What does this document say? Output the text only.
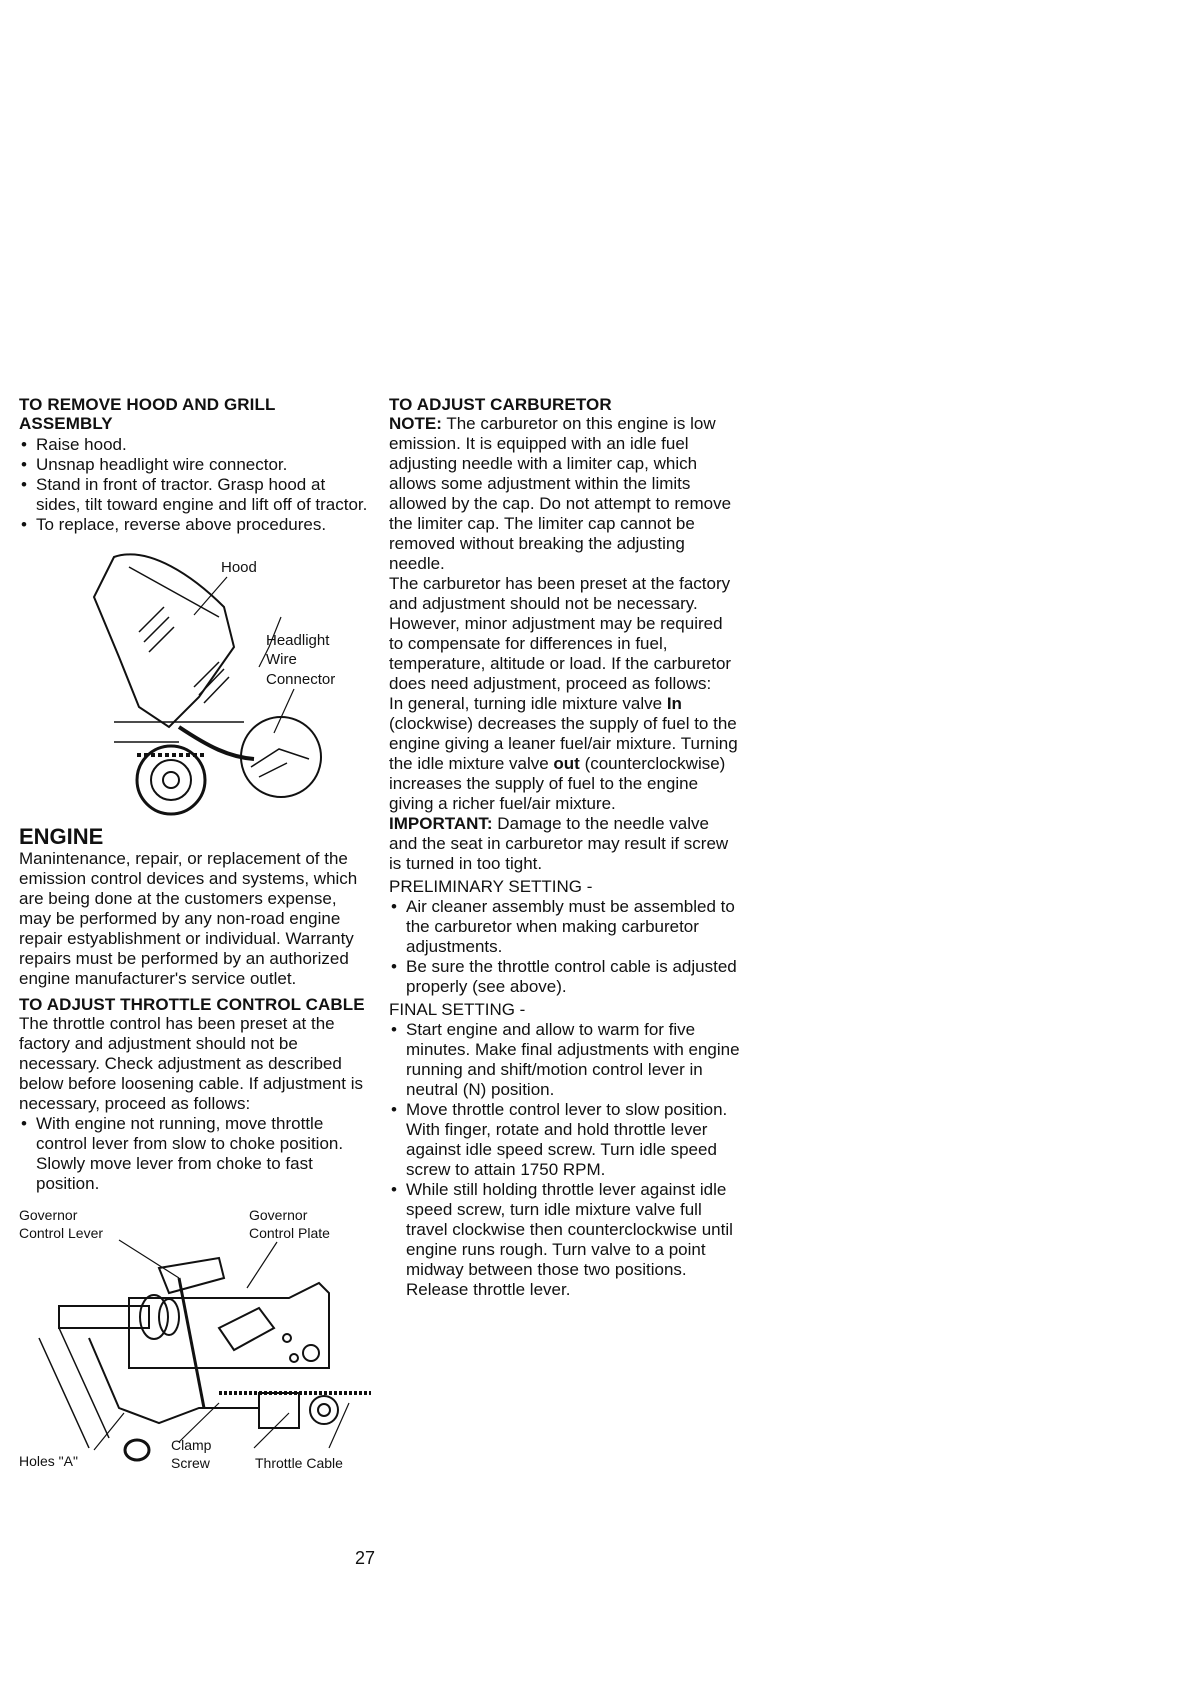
TO REMOVE HOOD AND GRILL ASSEMBLY
• Raise hood.
• Unsnap headlight wire connector.
• Stand in front of tractor. Grasp hood at sides, tilt toward engine and lift off of tractor.
• To replace, reverse above procedures.
Hood
Headlight
Wire
Connector
ENGINE

Manintenance, repair, or replacement of the emission control devices and systems, which are being done at the customers expense, may be performed by any non-road engine repair estyablishment or individual. Warranty repairs must be performed by an authorized engine manufacturer's service outlet.

TO ADJUST THROTTLE CONTROL CABLE

The throttle control has been preset at the factory and adjustment should not be necessary. Check adjustment as described below before loosening cable. If adjustment is necessary, proceed as follows:

• With engine not running, move throttle control lever from slow to choke position. Slowly move lever from choke to fast position.
Governor
Control Lever
Governor
Control Plate
Holes "A"
Clamp
Screw	Throttle Cable
TO ADJUST CARBURETOR

NOTE: The carburetor on this engine is low emission. It is equipped with an idle fuel adjusting needle with a limiter cap, which allows some adjustment within the limits allowed by the cap. Do not attempt to remove the limiter cap. The limiter cap cannot be removed without breaking the adjusting needle.

The carburetor has been preset at the factory and adjustment should not be necessary. However, minor adjustment may be required to compensate for differences in fuel, temperature, altitude or load. If the carburetor does need adjustment, proceed as follows:

In general, turning idle mixture valve In (clockwise) decreases the supply of fuel to the engine giving a leaner fuel/air mixture. Turning the idle mixture valve out (counterclockwise) increases the supply of fuel to the engine giving a richer fuel/air mixture.

IMPORTANT: Damage to the needle valve and the seat in carburetor may result if screw is turned in too tight.

PRELIMINARY SETTING -

• Air cleaner assembly must be assembled to the carburetor when making carburetor adjustments.
• Be sure the throttle control cable is adjusted properly (see above).

FINAL SETTING -

• Start engine and allow to warm for five minutes. Make final adjustments with engine running and shift/motion control lever in neutral (N) position.
• Move throttle control lever to slow position. With finger, rotate and hold throttle lever against idle speed screw. Turn idle speed screw to attain 1750 RPM.
• While still holding throttle lever against idle speed screw, turn idle mixture valve full travel clockwise then counterclockwise until engine runs rough. Turn valve to a point midway between those two positions. Release throttle lever.
27
